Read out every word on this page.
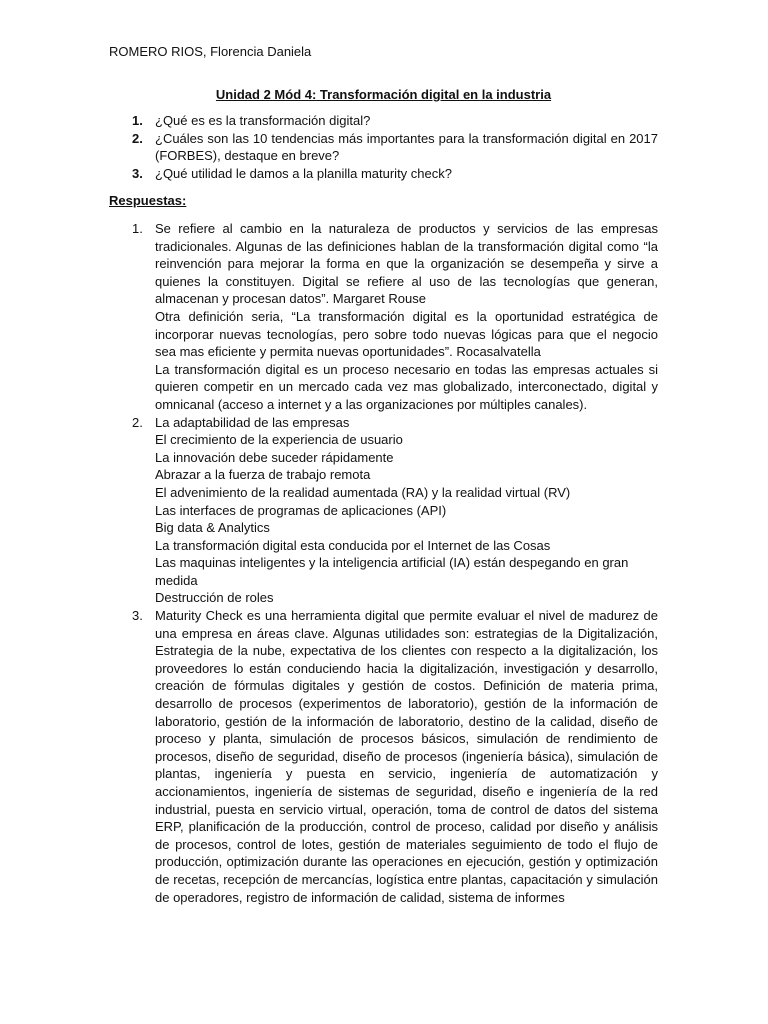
ROMERO RIOS, Florencia Daniela
Unidad 2 Mód 4: Transformación digital en la industria
1. ¿Qué es es la transformación digital?
2. ¿Cuáles son las 10 tendencias más importantes para la transformación digital en 2017 (FORBES), destaque en breve?
3. ¿Qué utilidad le damos a la planilla maturity check?
Respuestas:
1. Se refiere al cambio en la naturaleza de productos y servicios de las empresas tradicionales. Algunas de las definiciones hablan de la transformación digital como “la reinvención para mejorar la forma en que la organización se desempeña y sirve a quienes la constituyen. Digital se refiere al uso de las tecnologías que generan, almacenan y procesan datos”. Margaret Rouse
Otra definición seria, “La transformación digital es la oportunidad estratégica de incorporar nuevas tecnologías, pero sobre todo nuevas lógicas para que el negocio sea mas eficiente y permita nuevas oportunidades”. Rocasalvatella
La transformación digital es un proceso necesario en todas las empresas actuales si quieren competir en un mercado cada vez mas globalizado, interconectado, digital y omnicanal (acceso a internet y a las organizaciones por múltiples canales).
2. La adaptabilidad de las empresas
El crecimiento de la experiencia de usuario
La innovación debe suceder rápidamente
Abrazar a la fuerza de trabajo remota
El advenimiento de la realidad aumentada (RA) y la realidad virtual (RV)
Las interfaces de programas de aplicaciones (API)
Big data & Analytics
La transformación digital esta conducida por el Internet de las Cosas
Las maquinas inteligentes y la inteligencia artificial (IA) están despegando en gran medida
Destrucción de roles
3. Maturity Check es una herramienta digital que permite evaluar el nivel de madurez de una empresa en áreas clave. Algunas utilidades son: estrategias de la Digitalización, Estrategia de la nube, expectativa de los clientes con respecto a la digitalización, los proveedores lo están conduciendo hacia la digitalización, investigación y desarrollo, creación de fórmulas digitales y gestión de costos. Definición de materia prima, desarrollo de procesos (experimentos de laboratorio), gestión de la información de laboratorio, gestión de la información de laboratorio, destino de la calidad, diseño de proceso y planta, simulación de procesos básicos, simulación de rendimiento de procesos, diseño de seguridad, diseño de procesos (ingeniería básica), simulación de plantas, ingeniería y puesta en servicio, ingeniería de automatización y accionamientos, ingeniería de sistemas de seguridad, diseño e ingeniería de la red industrial, puesta en servicio virtual, operación, toma de control de datos del sistema ERP, planificación de la producción, control de proceso, calidad por diseño y análisis de procesos, control de lotes, gestión de materiales seguimiento de todo el flujo de producción, optimización durante las operaciones en ejecución, gestión y optimización de recetas, recepción de mercancías, logística entre plantas, capacitación y simulación de operadores, registro de información de calidad, sistema de informes
